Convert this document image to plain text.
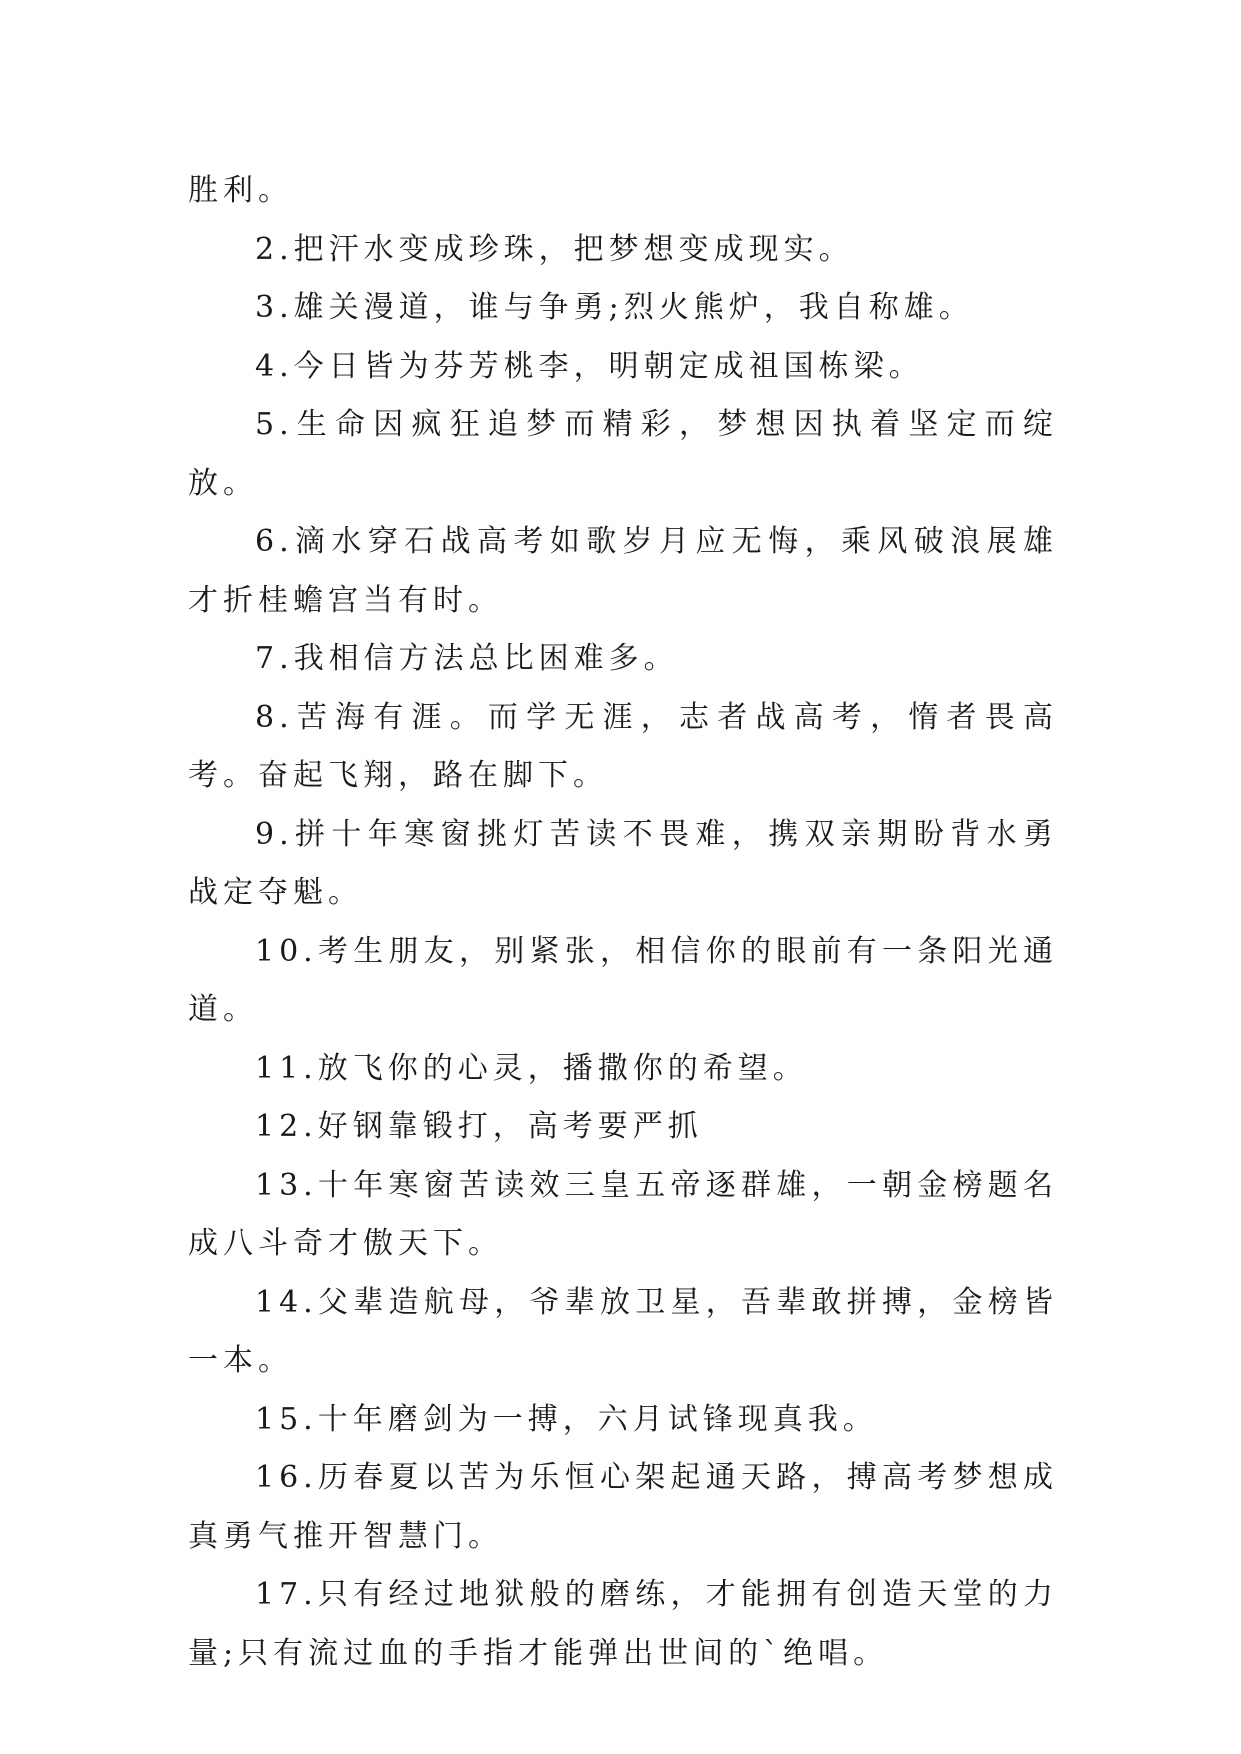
胜利。

2.把汗水变成珍珠，把梦想变成现实。

3.雄关漫道，谁与争勇;烈火熊炉，我自称雄。

4.今日皆为芬芳桃李，明朝定成祖国栋梁。

5.生命因疯狂追梦而精彩，梦想因执着坚定而绽放。

6.滴水穿石战高考如歌岁月应无悔，乘风破浪展雄才折桂蟾宫当有时。

7.我相信方法总比困难多。

8.苦海有涯。而学无涯，志者战高考，惰者畏高考。奋起飞翔，路在脚下。

9.拼十年寒窗挑灯苦读不畏难，携双亲期盼背水勇战定夺魁。

10.考生朋友，别紧张，相信你的眼前有一条阳光通道。

11.放飞你的心灵，播撒你的希望。

12.好钢靠锻打，高考要严抓

13.十年寒窗苦读效三皇五帝逐群雄，一朝金榜题名成八斗奇才傲天下。

14.父辈造航母，爷辈放卫星，吾辈敢拼搏，金榜皆一本。

15.十年磨剑为一搏，六月试锋现真我。

16.历春夏以苦为乐恒心架起通天路，搏高考梦想成真勇气推开智慧门。

17.只有经过地狱般的磨练，才能拥有创造天堂的力量;只有流过血的手指才能弹出世间的`绝唱。
